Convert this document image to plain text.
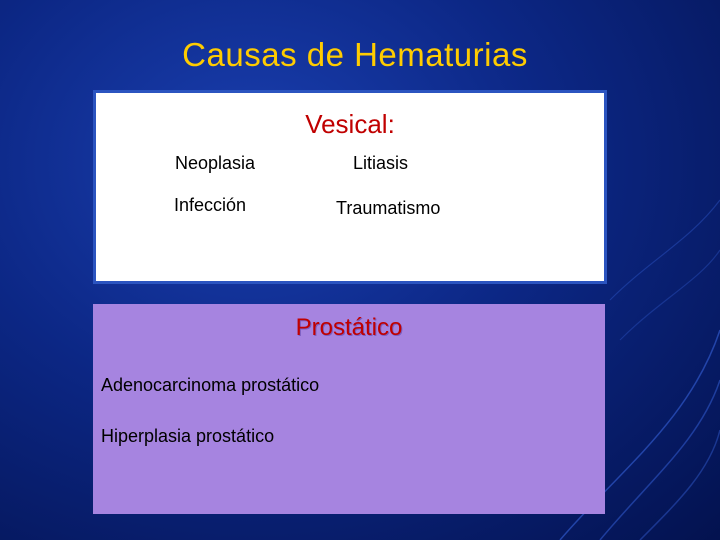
Causas de Hematurias
Vesical:
Neoplasia	Litiasis
Infección	Traumatismo
Prostático
Adenocarcinoma prostático
Hiperplasia prostático
